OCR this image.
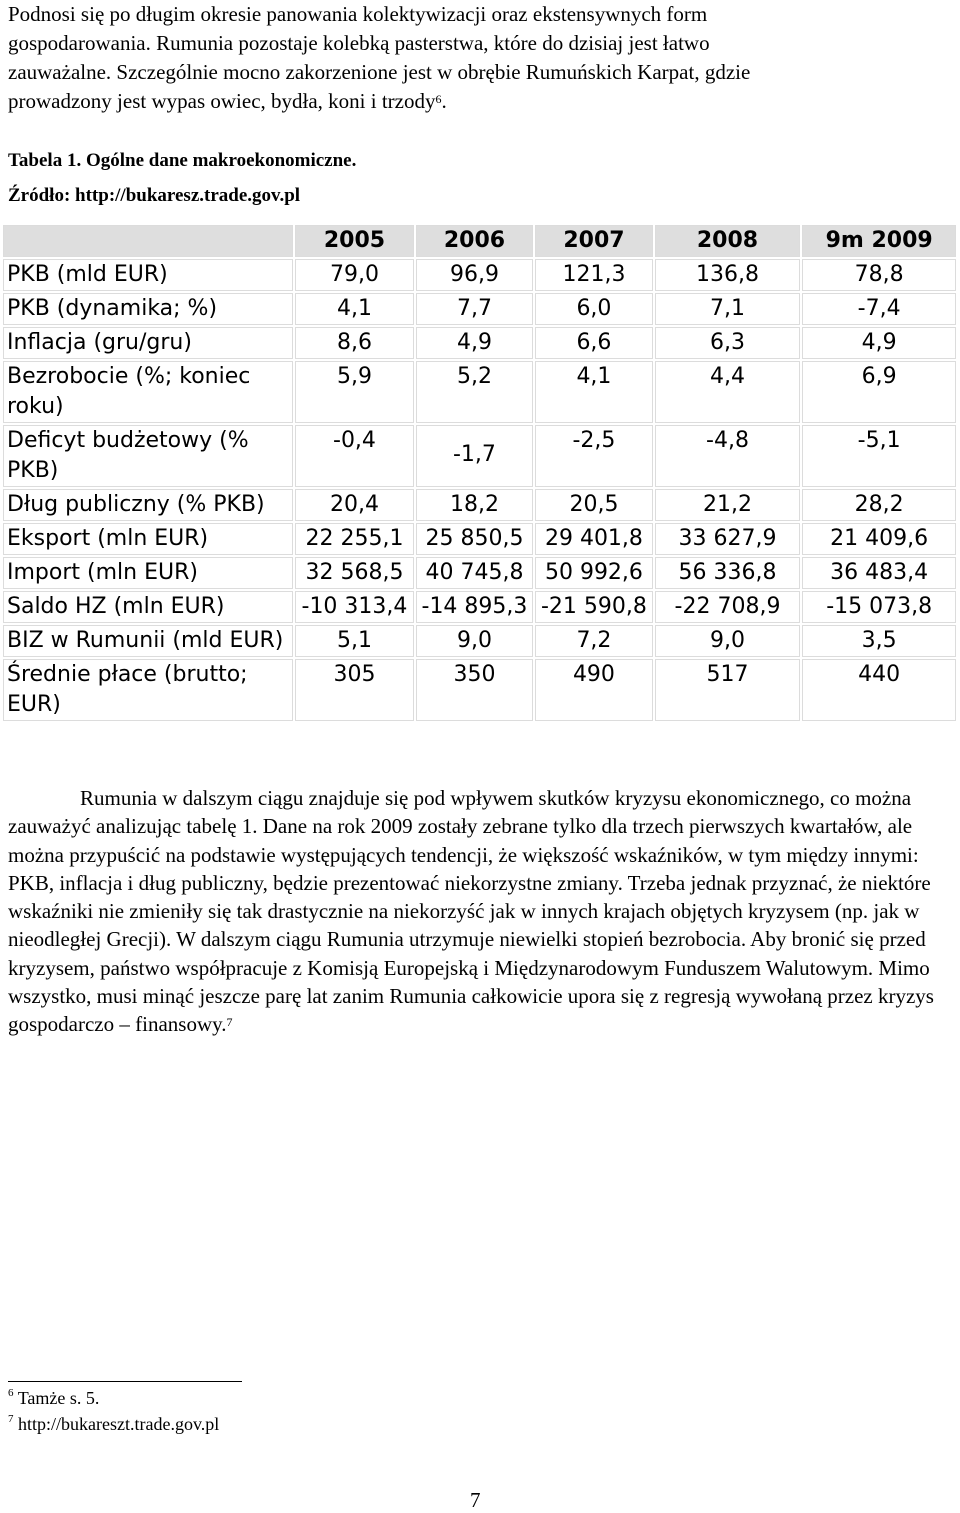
Podnosi się po długim okresie panowania kolektywizacji oraz ekstensywnych form
gospodarowania. Rumunia pozostaje kolebką pasterstwa, które do dzisiaj jest łatwo
zauważalne. Szczególnie mocno zakorzenione jest w obrębie Rumuńskich Karpat, gdzie
prowadzony jest wypas owiec, bydła, koni i trzody$^6$.

Tabela 1. Ogólne dane makroekonomiczne.

Źródło: http://bukaresz.trade.gov.pl

	2005	2006	2007	2008	9m 2009
PKB (mld EUR)	79,0	96,9	121,3	136,8	78,8
PKB (dynamika; %)	4,1	7,7	6,0	7,1	-7,4
Inflacja (gru/gru)	8,6	4,9	6,6	6,3	4,9
Bezrobocie (%; koniec roku)	5,9	5,2	4,1	4,4	6,9
Deficyt budżetowy (% PKB)	-0,4	-1,7	-2,5	-4,8	-5,1
Dług publiczny (% PKB)	20,4	18,2	20,5	21,2	28,2
Eksport (mln EUR)	22 255,1	25 850,5	29 401,8	33 627,9	21 409,6
Import (mln EUR)	32 568,5	40 745,8	50 992,6	56 336,8	36 483,4
Saldo HZ (mln EUR)	-10 313,4	-14 895,3	-21 590,8	-22 708,9	-15 073,8
BIZ w Rumunii (mld EUR)	5,1	9,0	7,2	9,0	3,5
Średnie płace (brutto; EUR)	305	350	490	517	440

Rumunia w dalszym ciągu znajduje się pod wpływem skutków kryzysu ekonomicznego, co można zauważyć analizując tabelę 1. Dane na rok 2009 zostały zebrane tylko dla trzech pierwszych kwartałów, ale można przypuścić na podstawie występujących tendencji, że większość wskaźników, w tym między innymi: PKB, inflacja i dług publiczny, będzie prezentować niekorzystne zmiany. Trzeba jednak przyznać, że niektóre wskaźniki nie zmieniły się tak drastycznie na niekorzyść jak w innych krajach objętych kryzysem (np. jak w nieodległej Grecji). W dalszym ciągu Rumunia utrzymuje niewielki stopień bezrobocia. Aby bronić się przed kryzysem, państwo współpracuje z Komisją Europejską i Międzynarodowym Funduszem Walutowym. Mimo wszystko, musi minąć jeszcze parę lat zanim Rumunia całkowicie upora się z regresją wywołaną przez kryzys gospodarczo – finansowy.$^7$

$^6$ Tamże s. 5.

$^7$ http://bukareszt.trade.gov.pl

7
